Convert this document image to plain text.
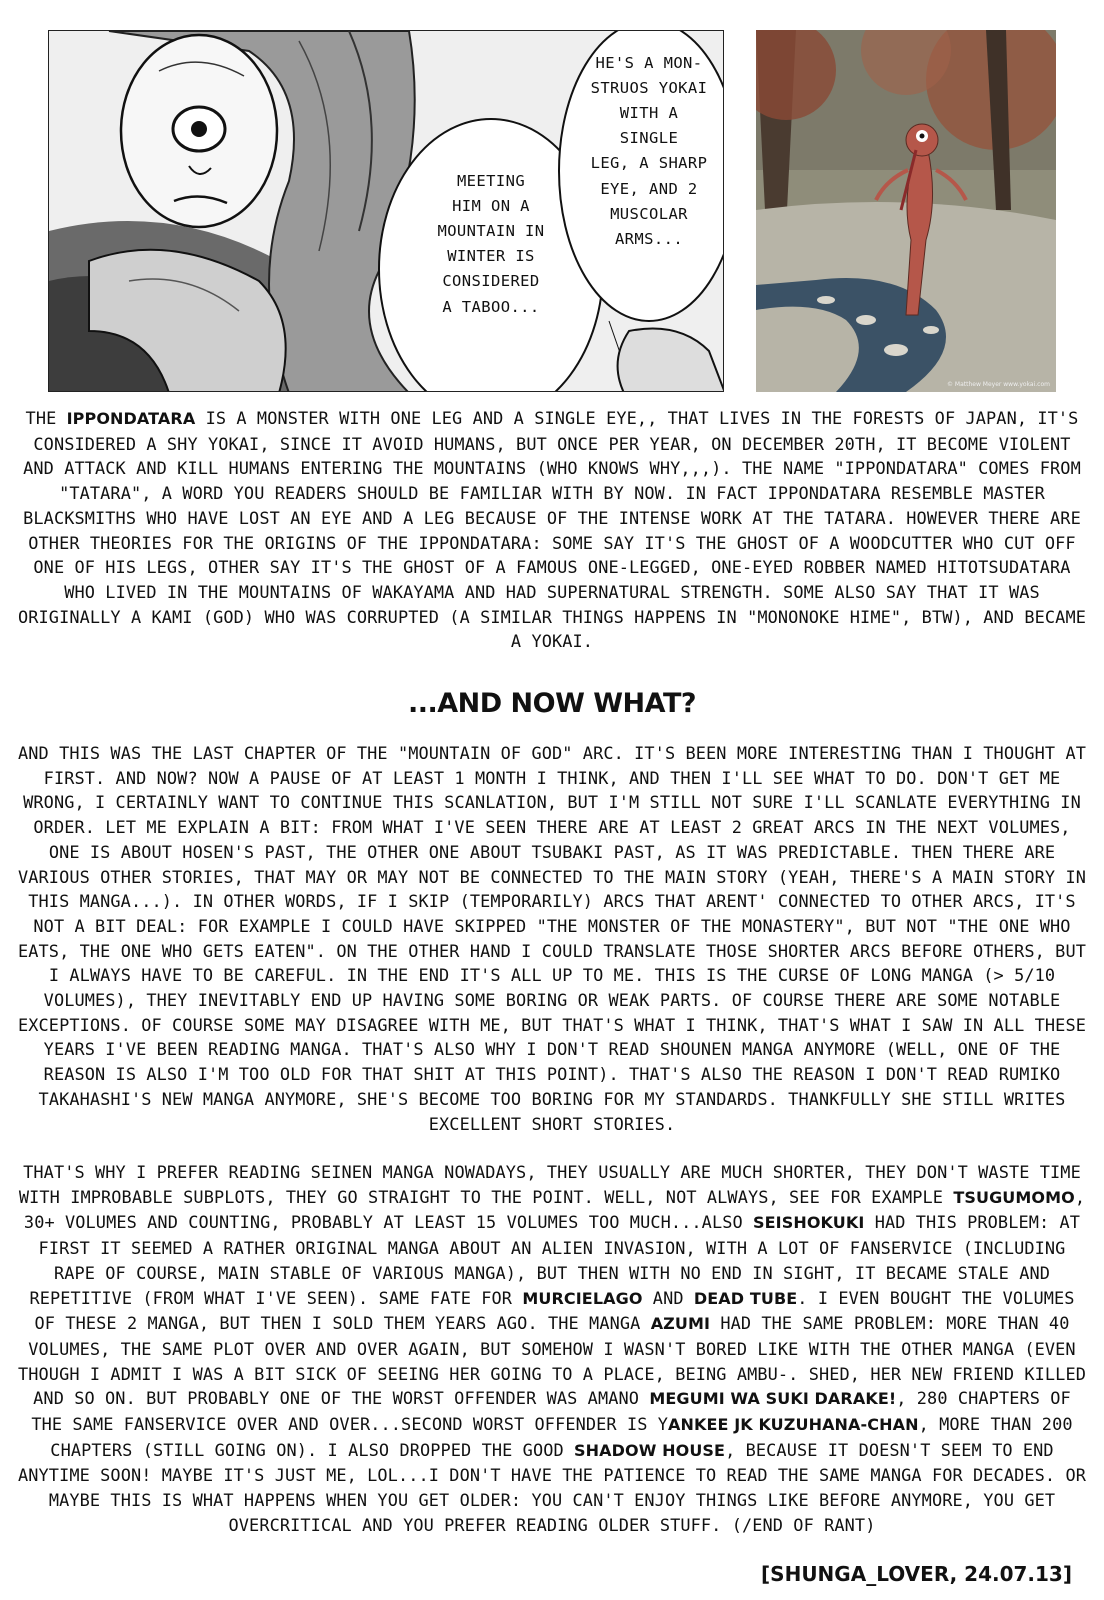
MEETING
HIM ON A
MOUNTAIN IN
WINTER IS
CONSIDERED
A TABOO...
HE'S A MON-
STRUOS YOKAI
WITH A SINGLE
LEG, A SHARP
EYE, AND 2
MUSCOLAR
ARMS...
© Matthew Meyer www.yokai.com

THE IPPONDATARA IS A MONSTER WITH ONE LEG AND A SINGLE EYE,, THAT LIVES IN THE FORESTS OF JAPAN, IT'S CONSIDERED A SHY YOKAI, SINCE IT AVOID HUMANS, BUT ONCE PER YEAR, ON DECEMBER 20TH, IT BECOME VIOLENT AND ATTACK AND KILL HUMANS ENTERING THE MOUNTAINS (WHO KNOWS WHY,,,). THE NAME "IPPONDATARA" COMES FROM "TATARA", A WORD YOU READERS SHOULD BE FAMILIAR WITH BY NOW. IN FACT IPPONDATARA RESEMBLE MASTER BLACKSMITHS WHO HAVE LOST AN EYE AND A LEG BECAUSE OF THE INTENSE WORK AT THE TATARA. HOWEVER THERE ARE OTHER THEORIES FOR THE ORIGINS OF THE IPPONDATARA: SOME SAY IT'S THE GHOST OF A WOODCUTTER WHO CUT OFF ONE OF HIS LEGS, OTHER SAY IT'S THE GHOST OF A FAMOUS ONE-LEGGED, ONE-EYED ROBBER NAMED HITOTSUDATARA WHO LIVED IN THE MOUNTAINS OF WAKAYAMA AND HAD SUPERNATURAL STRENGTH. SOME ALSO SAY THAT IT WAS ORIGINALLY A KAMI (GOD) WHO WAS CORRUPTED (A SIMILAR THINGS HAPPENS IN "MONONOKE HIME", BTW), AND BECAME A YOKAI.

...AND NOW WHAT?

AND THIS WAS THE LAST CHAPTER OF THE "MOUNTAIN OF GOD" ARC. IT'S BEEN MORE INTERESTING THAN I THOUGHT AT FIRST. AND NOW? NOW A PAUSE OF AT LEAST 1 MONTH I THINK, AND THEN I'LL SEE WHAT TO DO. DON'T GET ME WRONG, I CERTAINLY WANT TO CONTINUE THIS SCANLATION, BUT I'M STILL NOT SURE I'LL SCANLATE EVERYTHING IN ORDER. LET ME EXPLAIN A BIT: FROM WHAT I'VE SEEN THERE ARE AT LEAST 2 GREAT ARCS IN THE NEXT VOLUMES, ONE IS ABOUT HOSEN'S PAST, THE OTHER ONE ABOUT TSUBAKI PAST, AS IT WAS PREDICTABLE. THEN THERE ARE VARIOUS OTHER STORIES, THAT MAY OR MAY NOT BE CONNECTED TO THE MAIN STORY (YEAH, THERE'S A MAIN STORY IN THIS MANGA...). IN OTHER WORDS, IF I SKIP (TEMPORARILY) ARCS THAT ARENT' CONNECTED TO OTHER ARCS, IT'S NOT A BIT DEAL: FOR EXAMPLE I COULD HAVE SKIPPED "THE MONSTER OF THE MONASTERY", BUT NOT "THE ONE WHO EATS, THE ONE WHO GETS EATEN". ON THE OTHER HAND I COULD TRANSLATE THOSE SHORTER ARCS BEFORE OTHERS, BUT I ALWAYS HAVE TO BE CAREFUL. IN THE END IT'S ALL UP TO ME. THIS IS THE CURSE OF LONG MANGA (> 5/10 VOLUMES), THEY INEVITABLY END UP HAVING SOME BORING OR WEAK PARTS. OF COURSE THERE ARE SOME NOTABLE EXCEPTIONS. OF COURSE SOME MAY DISAGREE WITH ME, BUT THAT'S WHAT I THINK, THAT'S WHAT I SAW IN ALL THESE YEARS I'VE BEEN READING MANGA. THAT'S ALSO WHY I DON'T READ SHOUNEN MANGA ANYMORE (WELL, ONE OF THE REASON IS ALSO I'M TOO OLD FOR THAT SHIT AT THIS POINT). THAT'S ALSO THE REASON I DON'T READ RUMIKO TAKAHASHI'S NEW MANGA ANYMORE, SHE'S BECOME TOO BORING FOR MY STANDARDS. THANKFULLY SHE STILL WRITES EXCELLENT SHORT STORIES.

THAT'S WHY I PREFER READING SEINEN MANGA NOWADAYS, THEY USUALLY ARE MUCH SHORTER, THEY DON'T WASTE TIME WITH IMPROBABLE SUBPLOTS, THEY GO STRAIGHT TO THE POINT. WELL, NOT ALWAYS, SEE FOR EXAMPLE TSUGUMOMO, 30+ VOLUMES AND COUNTING, PROBABLY AT LEAST 15 VOLUMES TOO MUCH...ALSO SEISHOKUKI HAD THIS PROBLEM: AT FIRST IT SEEMED A RATHER ORIGINAL MANGA ABOUT AN ALIEN INVASION, WITH A LOT OF FANSERVICE (INCLUDING RAPE OF COURSE, MAIN STABLE OF VARIOUS MANGA), BUT THEN WITH NO END IN SIGHT, IT BECAME STALE AND REPETITIVE (FROM WHAT I'VE SEEN). SAME FATE FOR MURCIELAGO AND DEAD TUBE. I EVEN BOUGHT THE VOLUMES OF THESE 2 MANGA, BUT THEN I SOLD THEM YEARS AGO. THE MANGA AZUMI HAD THE SAME PROBLEM: MORE THAN 40 VOLUMES, THE SAME PLOT OVER AND OVER AGAIN, BUT SOMEHOW I WASN'T BORED LIKE WITH THE OTHER MANGA (EVEN THOUGH I ADMIT I WAS A BIT SICK OF SEEING HER GOING TO A PLACE, BEING AMBU-. SHED, HER NEW FRIEND KILLED AND SO ON. BUT PROBABLY ONE OF THE WORST OFFENDER WAS AMANO MEGUMI WA SUKI DARAKE!, 280 CHAPTERS OF THE SAME FANSERVICE OVER AND OVER...SECOND WORST OFFENDER IS YANKEE JK KUZUHANA-CHAN, MORE THAN 200 CHAPTERS (STILL GOING ON). I ALSO DROPPED THE GOOD SHADOW HOUSE, BECAUSE IT DOESN'T SEEM TO END ANYTIME SOON! MAYBE IT'S JUST ME, LOL...I DON'T HAVE THE PATIENCE TO READ THE SAME MANGA FOR DECADES. OR MAYBE THIS IS WHAT HAPPENS WHEN YOU GET OLDER: YOU CAN'T ENJOY THINGS LIKE BEFORE ANYMORE, YOU GET OVERCRITICAL AND YOU PREFER READING OLDER STUFF. (/END OF RANT)

[SHUNGA_LOVER, 24.07.13]
